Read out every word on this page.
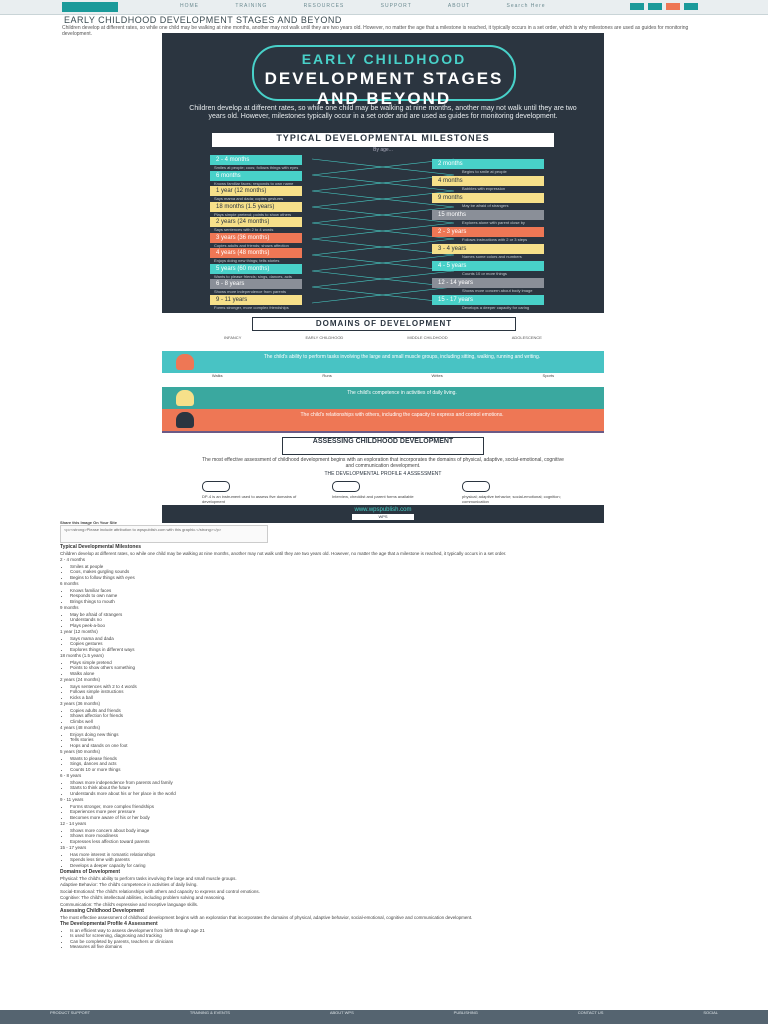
HOME	TRAINING	RESOURCES	SUPPORT	ABOUT	Search Here
EARLY CHILDHOOD DEVELOPMENT STAGES AND BEYOND
Children develop at different rates, so while one child may be walking at nine months, another may not walk until they are two years old. However, no matter the age that a milestone is reached, it typically occurs in a set order, which is why milestones are used as guides for monitoring development.
EARLY CHILDHOOD
DEVELOPMENT STAGES AND BEYOND
Children develop at different rates, so while one child may be walking at nine months, another may not walk until they are two years old. However, milestones typically occur in a set order and are used as guides for monitoring development.
TYPICAL DEVELOPMENTAL MILESTONES
By age...
2 - 4 months
Smiles at people; coos; follows things with eyes
6 months
Knows familiar faces; responds to own name
1 year (12 months)
Says mama and dada; copies gestures
18 months (1.5 years)
Plays simple pretend; points to show others
2 years (24 months)
Says sentences with 2 to 4 words
3 years (36 months)
Copies adults and friends; shows affection
4 years (48 months)
Enjoys doing new things; tells stories
5 years (60 months)
Wants to please friends; sings, dances, acts
6 - 8 years
Shows more independence from parents
9 - 11 years
Forms stronger, more complex friendships
2 months
Begins to smile at people
4 months
Babbles with expression
9 months
May be afraid of strangers
15 months
Explores alone with parent close by
2 - 3 years
Follows instructions with 2 or 3 steps
3 - 4 years
Names some colors and numbers
4 - 5 years
Counts 10 or more things
12 - 14 years
Shows more concern about body image
15 - 17 years
Develops a deeper capacity for caring
DOMAINS OF DEVELOPMENT
INFANCY	EARLY CHILDHOOD	MIDDLE CHILDHOOD	ADOLESCENCE
The child's ability to perform tasks involving the large and small muscle groups, including sitting, walking, running and writing.
Walks	Runs	Writes	Sports
The child's competence in activities of daily living.
The child's relationships with others, including the capacity to express and control emotions.
ASSESSING CHILDHOOD DEVELOPMENT
The most effective assessment of childhood development begins with an exploration that incorporates the domains of physical, adaptive, social-emotional, cognitive and communication development.
THE DEVELOPMENTAL PROFILE 4 ASSESSMENT
DP-4 is an instrument used to assess five domains of development
Interview, checklist and parent forms available	physical; adaptive behavior; social-emotional; cognition; communication
www.wpspublish.com
WPS
Share this Image On Your Site
<p><strong>Please include attribution to wpspublish.com with this graphic.</strong></p>
Typical Developmental Milestones

Children develop at different rates, so while one child may be walking at nine months, another may not walk until they are two years old. However, no matter the age that a milestone is reached, it typically occurs in a set order.

2 - 4 months

• Smiles at people
• Coos, makes gurgling sounds
• Begins to follow things with eyes

6 months

• Knows familiar faces
• Responds to own name
• Brings things to mouth

9 months

• May be afraid of strangers
• Understands no
• Plays peek-a-boo

1 year (12 months)

• Says mama and dada
• Copies gestures
• Explores things in different ways

18 months (1.5 years)

• Plays simple pretend
• Points to show others something
• Walks alone

2 years (24 months)

• Says sentences with 2 to 4 words
• Follows simple instructions
• Kicks a ball

3 years (36 months)

• Copies adults and friends
• Shows affection for friends
• Climbs well

4 years (48 months)

• Enjoys doing new things
• Tells stories
• Hops and stands on one foot

5 years (60 months)

• Wants to please friends
• Sings, dances and acts
• Counts 10 or more things

6 - 8 years

• Shows more independence from parents and family
• Starts to think about the future
• Understands more about his or her place in the world

9 - 11 years

• Forms stronger, more complex friendships
• Experiences more peer pressure
• Becomes more aware of his or her body

12 - 14 years

• Shows more concern about body image
• Shows more moodiness
• Expresses less affection toward parents

15 - 17 years

• Has more interest in romantic relationships
• Spends less time with parents
• Develops a deeper capacity for caring
Domains of Development

Physical: The child's ability to perform tasks involving the large and small muscle groups.

Adaptive Behavior: The child's competence in activities of daily living.

Social-Emotional: The child's relationships with others and capacity to express and control emotions.

Cognitive: The child's intellectual abilities, including problem solving and reasoning.

Communication: The child's expressive and receptive language skills.

Assessing Childhood Development

The most effective assessment of childhood development begins with an exploration that incorporates the domains of physical, adaptive behavior, social-emotional, cognitive and communication development.

The Developmental Profile 4 Assessment
• Is an efficient way to assess development from birth through age 21
• Is used for screening, diagnosing and tracking
• Can be completed by parents, teachers or clinicians
• Measures all five domains
PRODUCT SUPPORT	TRAINING & EVENTS	ABOUT WPS	PUBLISHING	CONTACT US	SOCIAL
